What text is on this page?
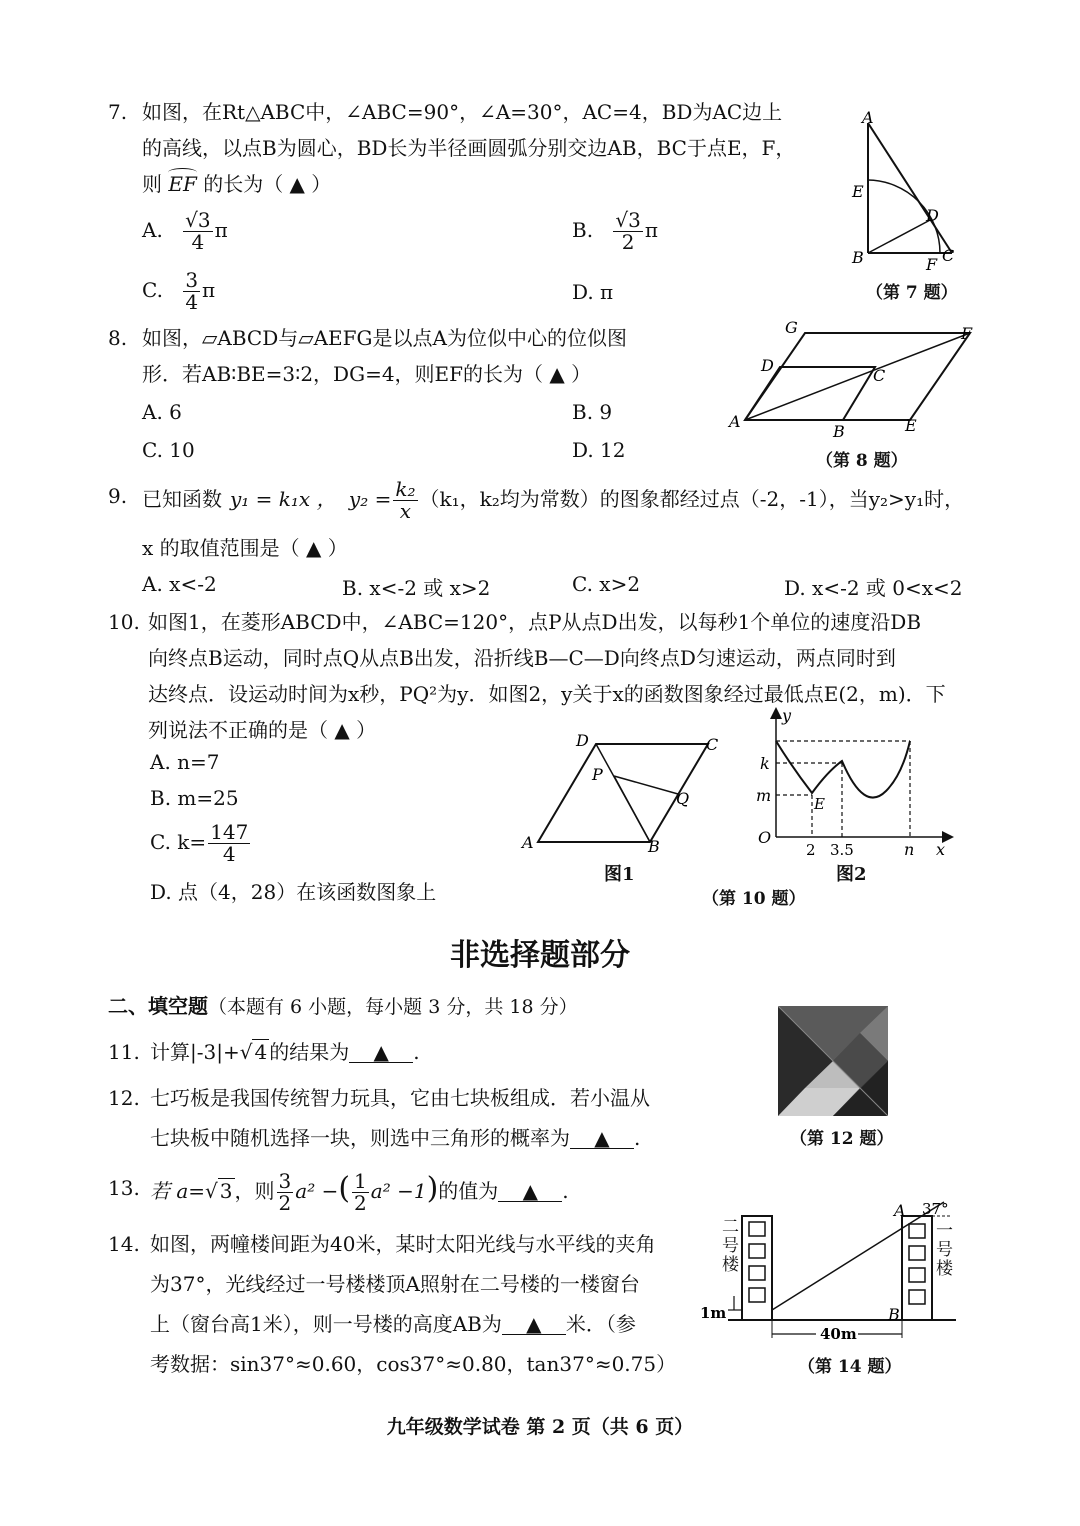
7. 如图，在Rt△ABC中，∠ABC=90°，∠A=30°，AC=4，BD为AC边上
的高线，以点B为圆心，BD长为半径画圆弧分别交边AB，BC于点E，F，
则 EF 的长为（ ▲ ）
A. $\frac{√3}{4}$ π	B. $\frac{√3}{2}$ π
C. $\frac{3}{4}$ π	D. π
A
E
D
B	F C
（第 7 题）
8. 如图，▱ABCD与▱AEFG是以点A为位似中心的位似图
形．若AB∶BE=3∶2，DG=4，则EF的长为（ ▲ ）
A. 6	B. 9
C. 10	D. 12
G	F
D
C
A
B	E
（第 8 题）
9. 已知函数 y₁ = k₁x ， $y_2 = \frac{\text{k₂}}{x} (k_1$，k₂均为常数）的图象都经过点（-2，-1），当y₂>y₁时，
x 的取值范围是（ ▲ ）
A. x<-2	B. x<-2 或 x>2	C. x>2	D. x<-2 或 0<x<2
10. 如图1，在菱形ABCD中，∠ABC=120°，点P从点D出发，以每秒1个单位的速度沿DB
向终点B运动，同时点Q从点B出发，沿折线B—C—D向终点D匀速运动，两点同时到
达终点．设运动时间为x秒，PQ²为y．如图2，y关于x的函数图象经过最低点E(2，m)．下
列说法不正确的是（ ▲ ）
A. n=7
B. m=25
C. $k= \frac{147}{4}$
D. 点（4，28）在该函数图象上
D	C
P
Q
A	B
图1
y
k
m	E
O
2 3.5	n x
图2
（第 10 题）
非选择题部分
二、填空题（本题有 6 小题，每小题 3 分，共 18 分）
11. 计算|-3|+√ 4 的结果为 ▲ .
12. 七巧板是我国传统智力玩具，它由七块板组成．若小温从
七块板中随机选择一块，则选中三角形的概率为 ▲ .	（第 12 题）
13. 若 a=√ 3 ，则 $\frac{3}{2} a^2$ −( $\frac{1}{2} a^2 -1$)的值为 ▲ .
14. 如图，两幢楼间距为40米，某时太阳光线与水平线的夹角
为37°，光线经过一号楼楼顶A照射在二号楼的一楼窗台
上（窗台高1米），则一号楼的高度AB为 ▲ 米．（参
考数据：sin37°≈0.60，cos37°≈0.80，tan37°≈0.75）
A 37°
B
1m
40m
二号楼
一号楼
（第 14 题）
九年级数学试卷 第 2 页（共 6 页）
